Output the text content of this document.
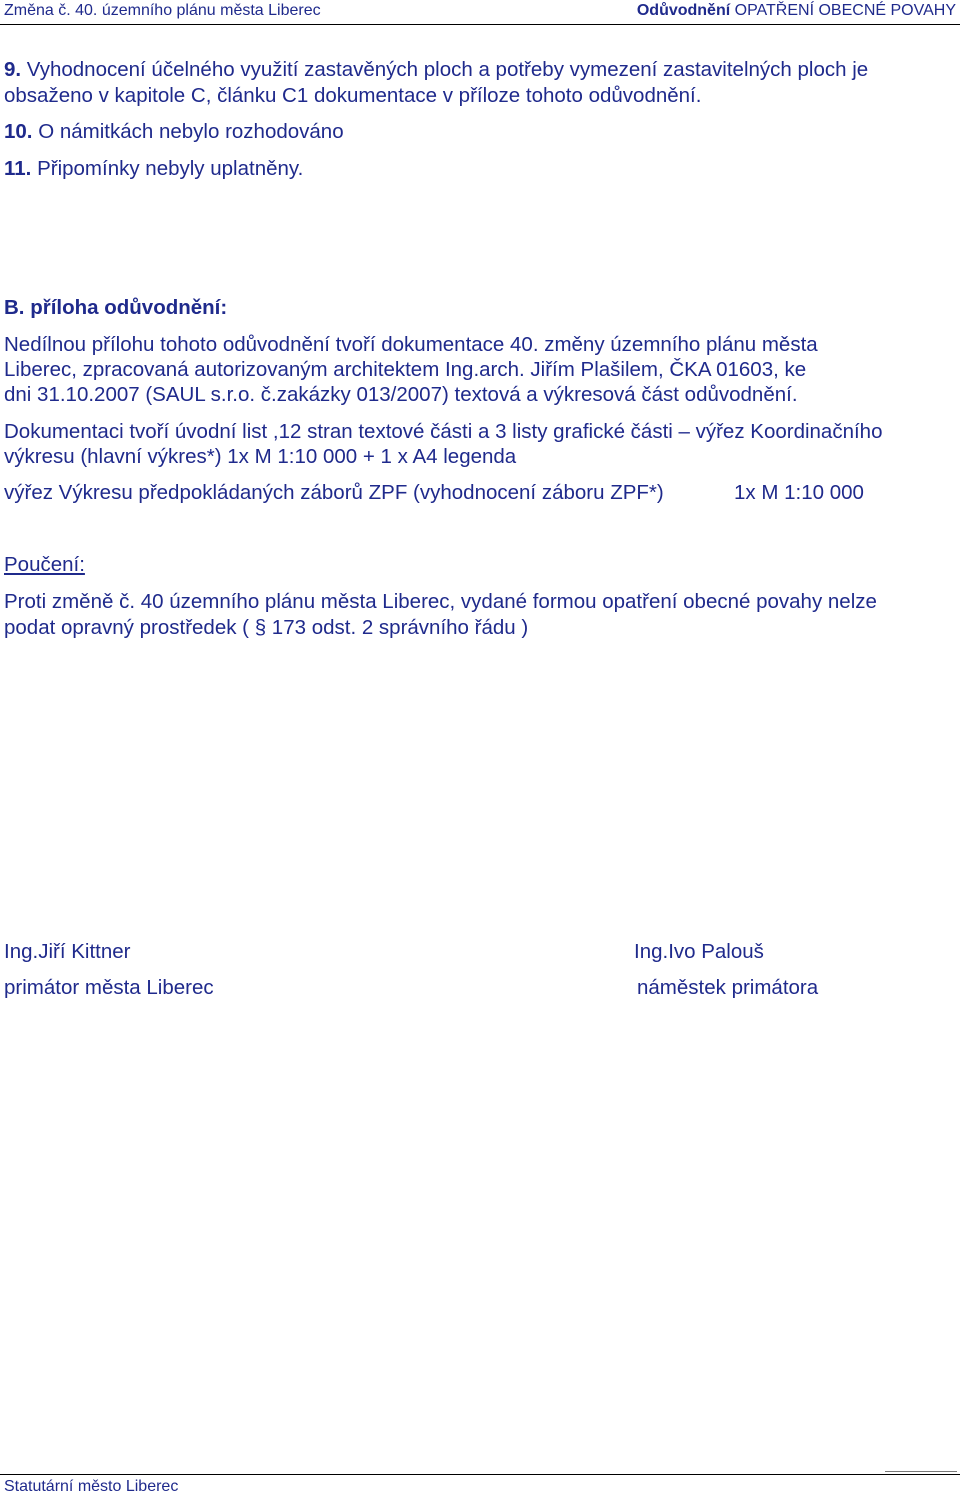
Změna č. 40. územního plánu města Liberec	Odůvodnění OPATŘENÍ OBECNÉ POVAHY
9. Vyhodnocení účelného využití zastavěných ploch a potřeby vymezení zastavitelných ploch je
obsaženo v kapitole C, článku C1 dokumentace v příloze tohoto odůvodnění.
10. O námitkách nebylo rozhodováno
11. Připomínky nebyly uplatněny.
B. příloha odůvodnění:
Nedílnou přílohu tohoto odůvodnění tvoří dokumentace 40. změny územního plánu města
Liberec, zpracovaná autorizovaným architektem Ing.arch. Jiřím Plašilem, ČKA 01603, ke
dni 31.10.2007 (SAUL s.r.o. č.zakázky 013/2007) textová a výkresová část odůvodnění.
Dokumentaci tvoří úvodní list ,12 stran textové části a 3 listy grafické části – výřez Koordinačního
výkresu (hlavní výkres*) 1x M 1:10 000 + 1 x A4 legenda
výřez Výkresu předpokládaných záborů ZPF (vyhodnocení záboru ZPF*)	1x M 1:10 000
Poučení:
Proti změně č. 40 územního plánu města Liberec, vydané formou opatření obecné povahy nelze
podat opravný prostředek ( § 173 odst. 2 správního řádu )
Ing.Jiří Kittner
primátor města Liberec
Ing.Ivo Palouš
náměstek primátora
Statutární město Liberec
